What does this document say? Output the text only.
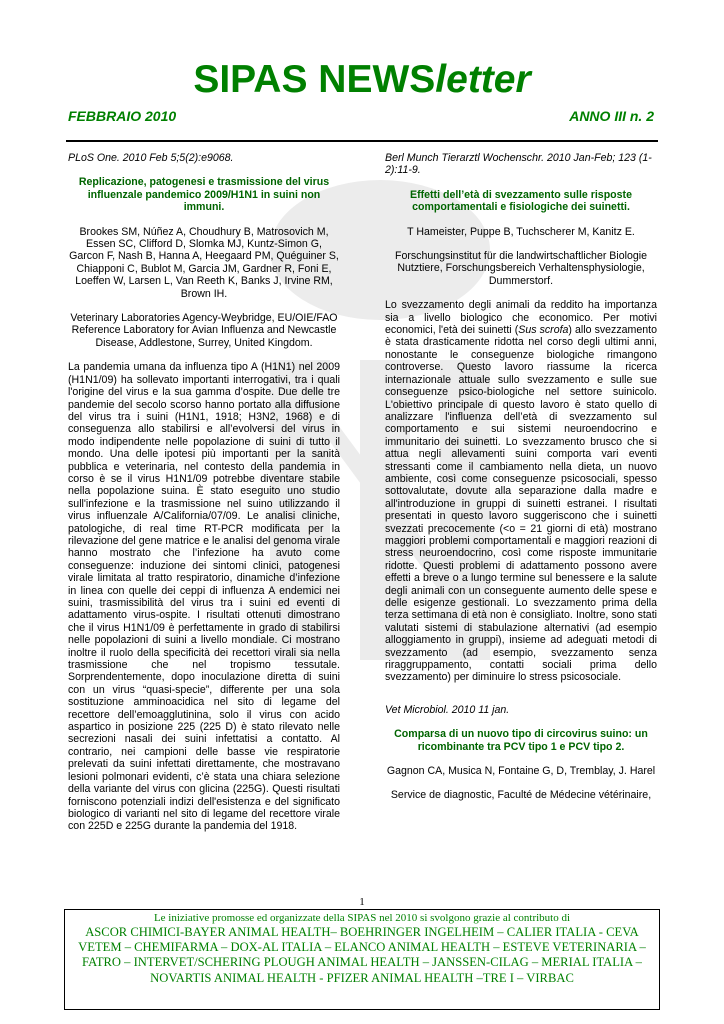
SIPAS NEWSletter
FEBBRAIO 2010	ANNO III n. 2

PLoS One. 2010 Feb 5;5(2):e9068.

Replicazione, patogenesi e trasmissione del virus influenzale pandemico 2009/H1N1 in suini non immuni.

Brookes SM, Núñez A, Choudhury B, Matrosovich M, Essen SC, Clifford D, Slomka MJ, Kuntz-Simon G, Garcon F, Nash B, Hanna A, Heegaard PM, Quéguiner S, Chiapponi C, Bublot M, Garcia JM, Gardner R, Foni E, Loeffen W, Larsen L, Van Reeth K, Banks J, Irvine RM, Brown IH.

Veterinary Laboratories Agency-Weybridge, EU/OIE/FAO Reference Laboratory for Avian Influenza and Newcastle Disease, Addlestone, Surrey, United Kingdom.

La pandemia umana da influenza tipo A (H1N1) nel 2009 (H1N1/09) ha sollevato importanti interrogativi, tra i quali l'origine del virus e la sua gamma d’ospite. Due delle tre pandemie del secolo scorso hanno portato alla diffusione del virus tra i suini (H1N1, 1918; H3N2, 1968) e di conseguenza allo stabilirsi e all’evolversi del virus in modo indipendente nelle popolazione di suini di tutto il mondo. Una delle ipotesi più importanti per la sanità pubblica e veterinaria, nel contesto della pandemia in corso è se il virus H1N1/09 potrebbe diventare stabile nella popolazione suina. È stato eseguito uno studio sull'infezione e la trasmissione nel suino utilizzando il virus influenzale A/California/07/09. Le analisi cliniche, patologiche, di real time RT-PCR modificata per la rilevazione del gene matrice e le analisi del genoma virale hanno mostrato che l’infezione ha avuto come conseguenze: induzione dei sintomi clinici, patogenesi virale limitata al tratto respiratorio, dinamiche d’infezione in linea con quelle dei ceppi di influenza A endemici nei suini, trasmissibilità del virus tra i suini ed eventi di adattamento virus-ospite. I risultati ottenuti dimostrano che il virus H1N1/09 è perfettamente in grado di stabilirsi nelle popolazioni di suini a livello mondiale. Ci mostrano inoltre il ruolo della specificità dei recettori virali sia nella trasmissione che nel tropismo tessutale. Sorprendentemente, dopo inoculazione diretta di suini con un virus “quasi-specie”, differente per una sola sostituzione amminoacidica nel sito di legame del recettore dell’emoagglutinina, solo il virus con acido aspartico in posizione 225 (225 D) è stato rilevato nelle secrezioni nasali dei suini infettatisi a contatto. Al contrario, nei campioni delle basse vie respiratorie prelevati da suini infettati direttamente, che mostravano lesioni polmonari evidenti, c’è stata una chiara selezione della variante del virus con glicina (225G). Questi risultati forniscono potenziali indizi dell'esistenza e del significato biologico di varianti nel sito di legame del recettore virale con 225D e 225G durante la pandemia del 1918.

Berl Munch Tierarztl Wochenschr. 2010 Jan-Feb; 123 (1-2):11-9.

Effetti dell’età di svezzamento sulle risposte comportamentali e fisiologiche dei suinetti.

T Hameister, Puppe B, Tuchscherer M, Kanitz E.

Forschungsinstitut für die landwirtschaftlicher Biologie Nutztiere, Forschungsbereich Verhaltensphysiologie, Dummerstorf.

Lo svezzamento degli animali da reddito ha importanza sia a livello biologico che economico. Per motivi economici, l'età dei suinetti (Sus scrofa) allo svezzamento è stata drasticamente ridotta nel corso degli ultimi anni, nonostante le conseguenze biologiche rimangono controverse. Questo lavoro riassume la ricerca internazionale attuale sullo svezzamento e sulle sue conseguenze psico-biologiche nel settore suinicolo. L'obiettivo principale di questo lavoro è stato quello di analizzare l'influenza dell’età di svezzamento sul comportamento e sui sistemi neuroendocrino e immunitario dei suinetti. Lo svezzamento brusco che si attua negli allevamenti suini comporta vari eventi stressanti come il cambiamento nella dieta, un nuovo ambiente, così come conseguenze psicosociali, spesso sottovalutate, dovute alla separazione dalla madre e all'introduzione in gruppi di suinetti estranei. I risultati presentati in questo lavoro suggeriscono che i suinetti svezzati precocemente (<o = 21 giorni di età) mostrano maggiori problemi comportamentali e maggiori reazioni di stress neuroendocrino, così come risposte immunitarie ridotte. Questi problemi di adattamento possono avere effetti a breve o a lungo termine sul benessere e la salute degli animali con un conseguente aumento delle spese e delle esigenze gestionali. Lo svezzamento prima della terza settimana di età non è consigliato. Inoltre, sono stati valutati sistemi di stabulazione alternativi (ad esempio alloggiamento in gruppi), insieme ad adeguati metodi di svezzamento (ad esempio, svezzamento senza riraggruppamento, contatti sociali prima dello svezzamento) per diminuire lo stress psicosociale.

Vet Microbiol. 2010 11 jan.

Comparsa di un nuovo tipo di circovirus suino: un ricombinante tra PCV tipo 1 e PCV tipo 2.

Gagnon CA, Musica N, Fontaine G, D, Tremblay, J. Harel

Service de diagnostic, Faculté de Médecine vétérinaire,

1
Le iniziative promosse ed organizzate della SIPAS nel 2010 si svolgono grazie al contributo di
ASCOR CHIMICI-BAYER ANIMAL HEALTH– BOEHRINGER INGELHEIM – CALIER ITALIA - CEVA VETEM – CHEMIFARMA – DOX-AL ITALIA – ELANCO ANIMAL HEALTH – ESTEVE VETERINARIA – FATRO – INTERVET/SCHERING PLOUGH ANIMAL HEALTH – JANSSEN-CILAG – MERIAL ITALIA – NOVARTIS ANIMAL HEALTH - PFIZER ANIMAL HEALTH –TRE I – VIRBAC
